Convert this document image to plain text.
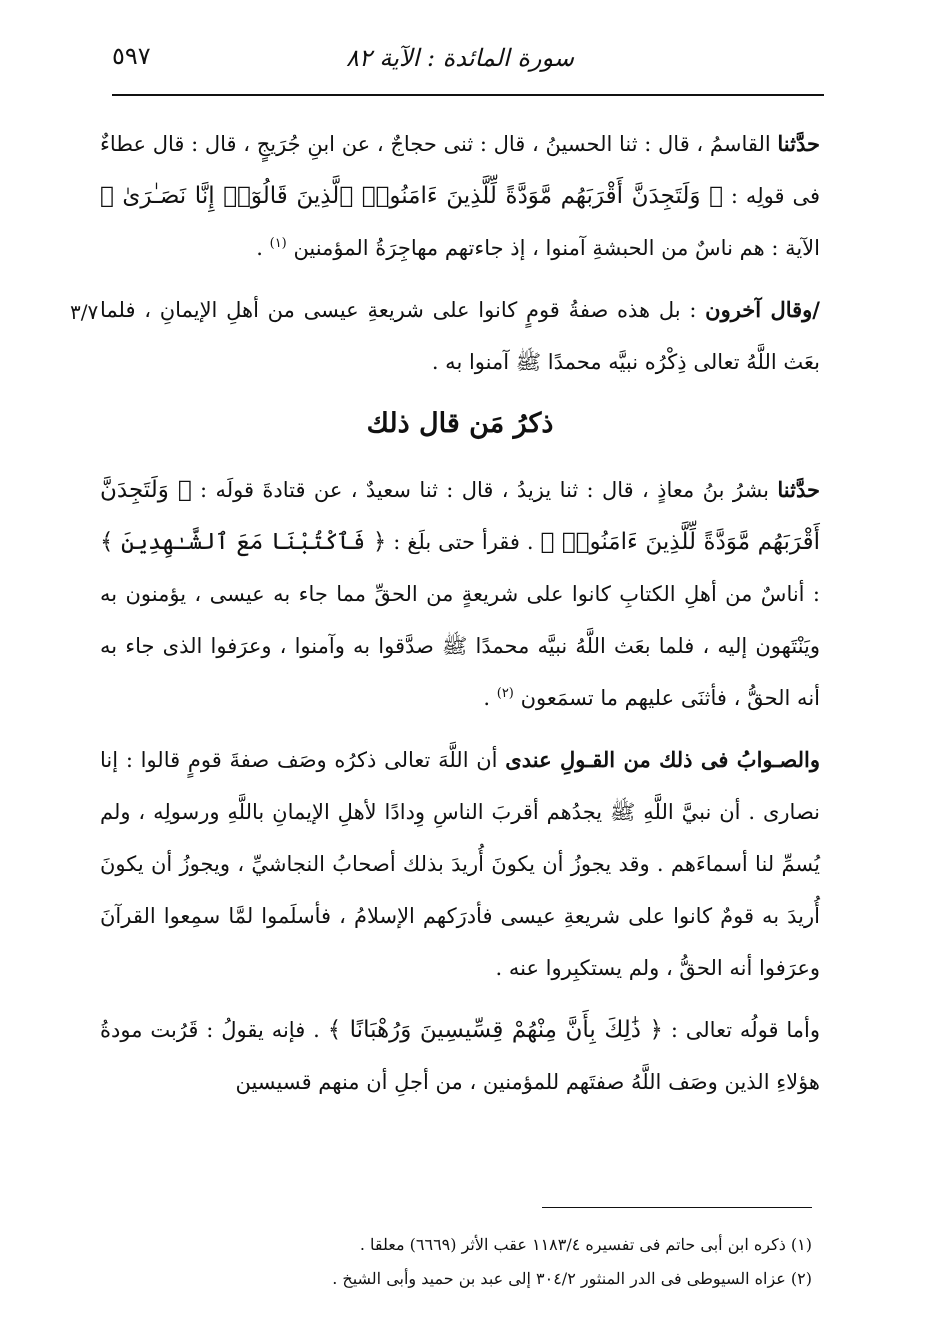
سورة المائدة : الآية ٨٢
٥٩٧
٣/٧

حدَّثنا القاسمُ ، قال : ثنا الحسينُ ، قال : ثنى حجاجٌ ، عن ابنِ جُرَيجٍ ، قال : قال عطاءٌ فى قولِه : ﴿ وَلَتَجِدَنَّ أَقْرَبَهُم مَّوَدَّةً لِّلَّذِينَ ءَامَنُوا۟ ٱلَّذِينَ قَالُوٓا۟ إِنَّا نَصَـٰرَىٰ ﴾ الآية : هم ناسٌ من الحبشةِ آمنوا ، إذ جاءتهم مهاجِرَةُ المؤمنين $^{(١)}$ .

/وقال آخرون : بل هذه صفةُ قومٍ كانوا على شريعةِ عيسى من أهلِ الإيمانِ ، فلما بعَث اللَّهُ تعالى ذِكْرُه نبيَّه محمدًا ﷺ آمنوا به .

ذكرُ مَن قال ذلك

حدَّثنا بشرُ بنُ معاذٍ ، قال : ثنا يزيدُ ، قال : ثنا سعيدٌ ، عن قتادةَ قولَه : ﴿ وَلَتَجِدَنَّ أَقْرَبَهُم مَّوَدَّةً لِّلَّذِينَ ءَامَنُوا۟ ﴾ . فقرأ حتى بلَغ : ﴿ فَٱكْتُبْنَا مَعَ ٱلشَّـٰهِدِينَ ﴾ : أناسٌ من أهلِ الكتابِ كانوا على شريعةٍ من الحقِّ مما جاء به عيسى ، يؤمنون به ويَنْتَهون إليه ، فلما بعَث اللَّهُ نبيَّه محمدًا ﷺ صدَّقوا به وآمنوا ، وعرَفوا الذى جاء به أنه الحقُّ ، فأثنَى عليهم ما تسمَعون $^{(٢)}$ .

والصـوابُ فى ذلك من القـولِ عندى أن اللَّهَ تعالى ذكرُه وصَف صفةَ قومٍ قالوا : إنا نصارى . أن نبيَّ اللَّهِ ﷺ يجدُهم أقربَ الناسِ وِدادًا لأهلِ الإيمانِ باللَّهِ ورسولِه ، ولم يُسمِّ لنا أسماءَهم . وقد يجوزُ أن يكونَ أُريدَ بذلك أصحابُ النجاشيِّ ، ويجوزُ أن يكونَ أُريدَ به قومٌ كانوا على شريعةِ عيسى فأدرَكهم الإسلامُ ، فأسلَموا لمَّا سمِعوا القرآنَ وعرَفوا أنه الحقُّ ، ولم يستكبِروا عنه .

وأما قولُه تعالى : ﴿ ذَٰلِكَ بِأَنَّ مِنْهُمْ قِسِّيسِينَ وَرُهْبَانًا ﴾ . فإنه يقولُ : قَرُبت مودةُ هؤلاءِ الذين وصَف اللَّهُ صفتَهم للمؤمنين ، من أجلِ أن منهم قسيسين

(١) ذكره ابن أبى حاتم فى تفسيره ١١٨٣/٤ عقب الأثر (٦٦٦٩) معلقا .

(٢) عزاه السيوطى فى الدر المنثور ٣٠٤/٢ إلى عبد بن حميد وأبى الشيخ .
